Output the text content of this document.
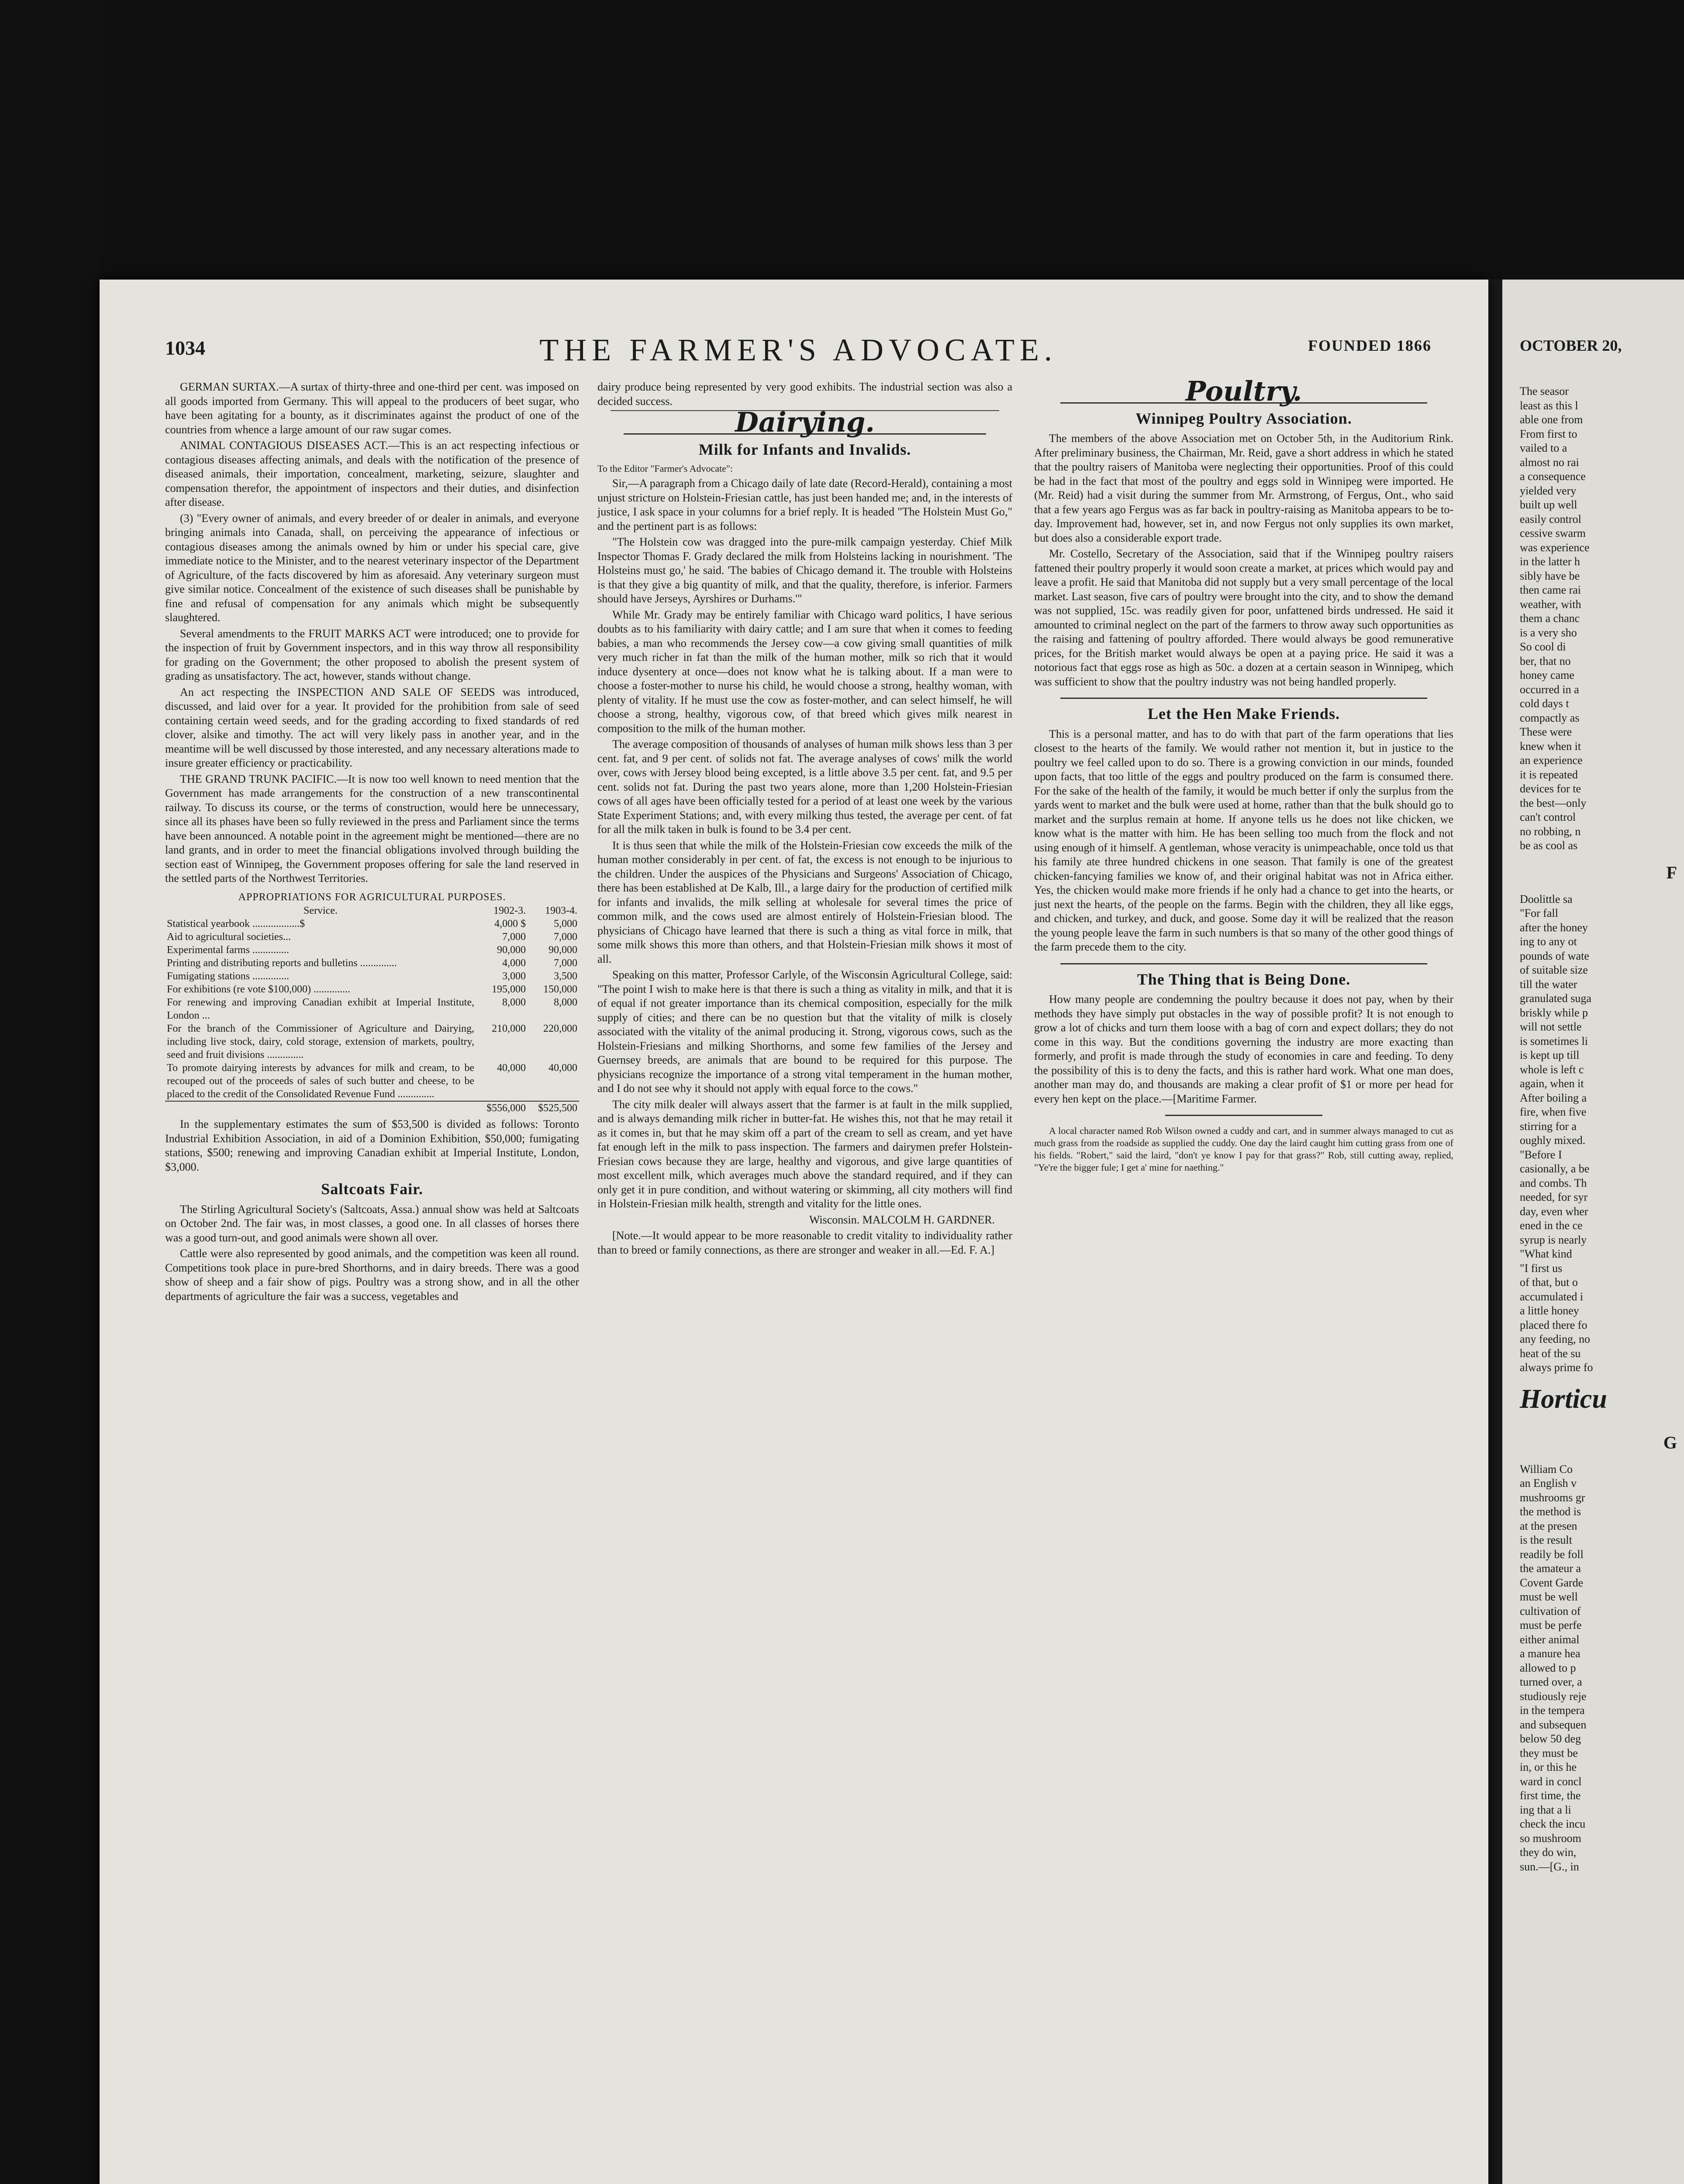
1034	THE FARMER'S ADVOCATE.	FOUNDED 1866

GERMAN SURTAX.—A surtax of thirty-three and one-third per cent. was imposed on all goods imported from Germany. This will appeal to the producers of beet sugar, who have been agitating for a bounty, as it discriminates against the product of one of the countries from whence a large amount of our raw sugar comes.

ANIMAL CONTAGIOUS DISEASES ACT.—This is an act respecting infectious or contagious diseases affecting animals, and deals with the notification of the presence of diseased animals, their importation, concealment, marketing, seizure, slaughter and compensation therefor, the appointment of inspectors and their duties, and disinfection after disease.

(3) "Every owner of animals, and every breeder of or dealer in animals, and everyone bringing animals into Canada, shall, on perceiving the appearance of infectious or contagious diseases among the animals owned by him or under his special care, give immediate notice to the Minister, and to the nearest veterinary inspector of the Department of Agriculture, of the facts discovered by him as aforesaid. Any veterinary surgeon must give similar notice. Concealment of the existence of such diseases shall be punishable by fine and refusal of compensation for any animals which might be subsequently slaughtered.

Several amendments to the FRUIT MARKS ACT were introduced; one to provide for the inspection of fruit by Government inspectors, and in this way throw all responsibility for grading on the Government; the other proposed to abolish the present system of grading as unsatisfactory. The act, however, stands without change.

An act respecting the INSPECTION AND SALE OF SEEDS was introduced, discussed, and laid over for a year. It provided for the prohibition from sale of seed containing certain weed seeds, and for the grading according to fixed standards of red clover, alsike and timothy. The act will very likely pass in another year, and in the meantime will be well discussed by those interested, and any necessary alterations made to insure greater efficiency or practicability.

THE GRAND TRUNK PACIFIC.—It is now too well known to need mention that the Government has made arrangements for the construction of a new transcontinental railway. To discuss its course, or the terms of construction, would here be unnecessary, since all its phases have been so fully reviewed in the press and Parliament since the terms have been announced. A notable point in the agreement might be mentioned—there are no land grants, and in order to meet the financial obligations involved through building the section east of Winnipeg, the Government proposes offering for sale the land reserved in the settled parts of the Northwest Territories.

APPROPRIATIONS FOR AGRICULTURAL PURPOSES.
Service.	1902-3.	1903-4.
Statistical yearbook ..................$	4,000 $	5,000
Aid to agricultural societies...	7,000	7,000
Experimental farms ..............	90,000	90,000
Printing and distributing reports and bulletins ..............	4,000	7,000
Fumigating stations ..............	3,000	3,500
For exhibitions (re vote $100,000) ..............	195,000	150,000
For renewing and improving Canadian exhibit at Imperial Institute, London ...	8,000	8,000
For the branch of the Commissioner of Agriculture and Dairying, including live stock, dairy, cold storage, extension of markets, poultry, seed and fruit divisions ..............	210,000	220,000
To promote dairying interests by advances for milk and cream, to be recouped out of the proceeds of sales of such butter and cheese, to be placed to the credit of the Consolidated Revenue Fund ..............	40,000	40,000
	$556,000	$525,500

In the supplementary estimates the sum of $53,500 is divided as follows: Toronto Industrial Exhibition Association, in aid of a Dominion Exhibition, $50,000; fumigating stations, $500; renewing and improving Canadian exhibit at Imperial Institute, London, $3,000.

Saltcoats Fair.

The Stirling Agricultural Society's (Saltcoats, Assa.) annual show was held at Saltcoats on October 2nd. The fair was, in most classes, a good one. In all classes of horses there was a good turn-out, and good animals were shown all over.

Cattle were also represented by good animals, and the competition was keen all round. Competitions took place in pure-bred Shorthorns, and in dairy breeds. There was a good show of sheep and a fair show of pigs. Poultry was a strong show, and in all the other departments of agriculture the fair was a success, vegetables and

dairy produce being represented by very good exhibits. The industrial section was also a decided success.

Dairying.
Milk for Infants and Invalids.

To the Editor "Farmer's Advocate":

Sir,—A paragraph from a Chicago daily of late date (Record-Herald), containing a most unjust stricture on Holstein-Friesian cattle, has just been handed me; and, in the interests of justice, I ask space in your columns for a brief reply. It is headed "The Holstein Must Go," and the pertinent part is as follows:

"The Holstein cow was dragged into the pure-milk campaign yesterday. Chief Milk Inspector Thomas F. Grady declared the milk from Holsteins lacking in nourishment. 'The Holsteins must go,' he said. 'The babies of Chicago demand it. The trouble with Holsteins is that they give a big quantity of milk, and that the quality, therefore, is inferior. Farmers should have Jerseys, Ayrshires or Durhams.'"

While Mr. Grady may be entirely familiar with Chicago ward politics, I have serious doubts as to his familiarity with dairy cattle; and I am sure that when it comes to feeding babies, a man who recommends the Jersey cow—a cow giving small quantities of milk very much richer in fat than the milk of the human mother, milk so rich that it would induce dysentery at once—does not know what he is talking about. If a man were to choose a foster-mother to nurse his child, he would choose a strong, healthy woman, with plenty of vitality. If he must use the cow as foster-mother, and can select himself, he will choose a strong, healthy, vigorous cow, of that breed which gives milk nearest in composition to the milk of the human mother.

The average composition of thousands of analyses of human milk shows less than 3 per cent. fat, and 9 per cent. of solids not fat. The average analyses of cows' milk the world over, cows with Jersey blood being excepted, is a little above 3.5 per cent. fat, and 9.5 per cent. solids not fat. During the past two years alone, more than 1,200 Holstein-Friesian cows of all ages have been officially tested for a period of at least one week by the various State Experiment Stations; and, with every milking thus tested, the average per cent. of fat for all the milk taken in bulk is found to be 3.4 per cent.

It is thus seen that while the milk of the Holstein-Friesian cow exceeds the milk of the human mother considerably in per cent. of fat, the excess is not enough to be injurious to the children. Under the auspices of the Physicians and Surgeons' Association of Chicago, there has been established at De Kalb, Ill., a large dairy for the production of certified milk for infants and invalids, the milk selling at wholesale for several times the price of common milk, and the cows used are almost entirely of Holstein-Friesian blood. The physicians of Chicago have learned that there is such a thing as vital force in milk, that some milk shows this more than others, and that Holstein-Friesian milk shows it most of all.

Speaking on this matter, Professor Carlyle, of the Wisconsin Agricultural College, said: "The point I wish to make here is that there is such a thing as vitality in milk, and that it is of equal if not greater importance than its chemical composition, especially for the milk supply of cities; and there can be no question but that the vitality of milk is closely associated with the vitality of the animal producing it. Strong, vigorous cows, such as the Holstein-Friesians and milking Shorthorns, and some few families of the Jersey and Guernsey breeds, are animals that are bound to be required for this purpose. The physicians recognize the importance of a strong vital temperament in the human mother, and I do not see why it should not apply with equal force to the cows."

The city milk dealer will always assert that the farmer is at fault in the milk supplied, and is always demanding milk richer in butter-fat. He wishes this, not that he may retail it as it comes in, but that he may skim off a part of the cream to sell as cream, and yet have fat enough left in the milk to pass inspection. The farmers and dairymen prefer Holstein-Friesian cows because they are large, healthy and vigorous, and give large quantities of most excellent milk, which averages much above the standard required, and if they can only get it in pure condition, and without watering or skimming, all city mothers will find in Holstein-Friesian milk health, strength and vitality for the little ones.

Wisconsin. MALCOLM H. GARDNER.

[Note.—It would appear to be more reasonable to credit vitality to individuality rather than to breed or family connections, as there are stronger and weaker in all.—Ed. F. A.]

Poultry.
Winnipeg Poultry Association.

The members of the above Association met on October 5th, in the Auditorium Rink. After preliminary business, the Chairman, Mr. Reid, gave a short address in which he stated that the poultry raisers of Manitoba were neglecting their opportunities. Proof of this could be had in the fact that most of the poultry and eggs sold in Winnipeg were imported. He (Mr. Reid) had a visit during the summer from Mr. Armstrong, of Fergus, Ont., who said that a few years ago Fergus was as far back in poultry-raising as Manitoba appears to be to-day. Improvement had, however, set in, and now Fergus not only supplies its own market, but does also a considerable export trade.

Mr. Costello, Secretary of the Association, said that if the Winnipeg poultry raisers fattened their poultry properly it would soon create a market, at prices which would pay and leave a profit. He said that Manitoba did not supply but a very small percentage of the local market. Last season, five cars of poultry were brought into the city, and to show the demand was not supplied, 15c. was readily given for poor, unfattened birds undressed. He said it amounted to criminal neglect on the part of the farmers to throw away such opportunities as the raising and fattening of poultry afforded. There would always be good remunerative prices, for the British market would always be open at a paying price. He said it was a notorious fact that eggs rose as high as 50c. a dozen at a certain season in Winnipeg, which was sufficient to show that the poultry industry was not being handled properly.

Let the Hen Make Friends.

This is a personal matter, and has to do with that part of the farm operations that lies closest to the hearts of the family. We would rather not mention it, but in justice to the poultry we feel called upon to do so. There is a growing conviction in our minds, founded upon facts, that too little of the eggs and poultry produced on the farm is consumed there. For the sake of the health of the family, it would be much better if only the surplus from the yards went to market and the bulk were used at home, rather than that the bulk should go to market and the surplus remain at home. If anyone tells us he does not like chicken, we know what is the matter with him. He has been selling too much from the flock and not using enough of it himself. A gentleman, whose veracity is unimpeachable, once told us that his family ate three hundred chickens in one season. That family is one of the greatest chicken-fancying families we know of, and their original habitat was not in Africa either. Yes, the chicken would make more friends if he only had a chance to get into the hearts, or just next the hearts, of the people on the farms. Begin with the children, they all like eggs, and chicken, and turkey, and duck, and goose. Some day it will be realized that the reason the young people leave the farm in such numbers is that so many of the other good things of the farm precede them to the city.

The Thing that is Being Done.

How many people are condemning the poultry because it does not pay, when by their methods they have simply put obstacles in the way of possible profit? It is not enough to grow a lot of chicks and turn them loose with a bag of corn and expect dollars; they do not come in this way. But the conditions governing the industry are more exacting than formerly, and profit is made through the study of economies in care and feeding. To deny the possibility of this is to deny the facts, and this is rather hard work. What one man does, another man may do, and thousands are making a clear profit of $1 or more per head for every hen kept on the place.—[Maritime Farmer.

A local character named Rob Wilson owned a cuddy and cart, and in summer always managed to cut as much grass from the roadside as supplied the cuddy. One day the laird caught him cutting grass from one of his fields. "Robert," said the laird, "don't ye know I pay for that grass?" Rob, still cutting away, replied, "Ye're the bigger fule; I get a' mine for naething."

OCTOBER 20,
The seasor
least as this l
able one from
From first to
vailed to a
almost no rai
a consequence
yielded very
built up well
easily control
cessive swarm
was experience
in the latter h
sibly have be
then came rai
weather, with
them a chanc
is a very sho
So cool di
ber, that no
honey came
occurred in a
cold days t
compactly as
These were
knew when it
an experience
it is repeated
devices for te
the best—only
can't control
no robbing, n
be as cool as
F
Doolittle sa
"For fall
after the honey
ing to any ot
pounds of wate
of suitable size
till the water
granulated suga
briskly while p
will not settle
is sometimes li
is kept up till
whole is left c
again, when it
After boiling a
fire, when five
stirring for a
oughly mixed.
"Before I
casionally, a be
and combs. Th
needed, for syr
day, even wher
ened in the ce
syrup is nearly
"What kind
"I first us
of that, but o
accumulated i
a little honey
placed there fo
any feeding, no
heat of the su
always prime fo
Horticu
G
William Co
an English v
mushrooms gr
the method is
at the presen
is the result
readily be foll
the amateur a
Covent Garde
must be well
cultivation of
must be perfe
either animal
a manure hea
allowed to p
turned over, a
studiously reje
in the tempera
and subsequen
below 50 deg
they must be
in, or this he
ward in concl
first time, the
ing that a li
check the incu
so mushroom
they do win,
sun.—[G., in
